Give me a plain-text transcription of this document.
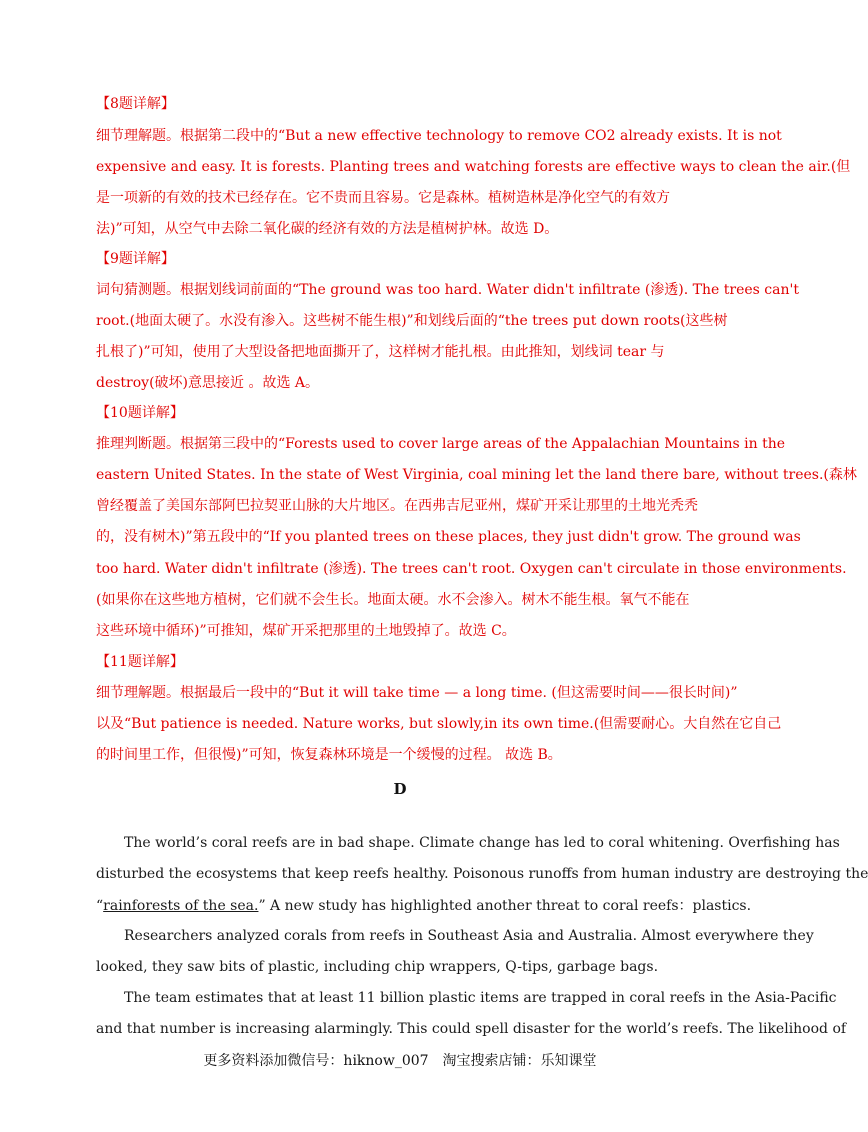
【8题详解】
细节理解题。根据第二段中的“But a new effective technology to remove CO2 already exists. It is not
expensive and easy. It is forests. Planting trees and watching forests are effective ways to clean the air.(但
是一项新的有效的技术已经存在。它不贵而且容易。它是森林。植树造林是净化空气的有效方
法)”可知，从空气中去除二氧化碳的经济有效的方法是植树护林。故选 D。
【9题详解】
词句猜测题。根据划线词前面的“The ground was too hard. Water didn't infiltrate (渗透). The trees can't
root.(地面太硬了。水没有渗入。这些树不能生根)”和划线后面的“the trees put down roots(这些树
扎根了)”可知，使用了大型设备把地面撕开了，这样树才能扎根。由此推知，划线词 tear 与
destroy(破坏)意思接近 。故选 A。
【10题详解】
推理判断题。根据第三段中的“Forests used to cover large areas of the Appalachian Mountains in the
eastern United States. In the state of West Virginia, coal mining let the land there bare, without trees.(森林
曾经覆盖了美国东部阿巴拉契亚山脉的大片地区。在西弗吉尼亚州，煤矿开采让那里的土地光秃秃
的，没有树木)”第五段中的“If you planted trees on these places, they just didn't grow. The ground was
too hard. Water didn't infiltrate (渗透). The trees can't root. Oxygen can't circulate in those environments.
(如果你在这些地方植树，它们就不会生长。地面太硬。水不会渗入。树木不能生根。氧气不能在
这些环境中循环)”可推知，煤矿开采把那里的土地毁掉了。故选 C。
【11题详解】
细节理解题。根据最后一段中的“But it will take time — a long time. (但这需要时间——很长时间)”
以及“But patience is needed. Nature works, but slowly,in its own time.(但需要耐心。大自然在它自己
的时间里工作，但很慢)”可知，恢复森林环境是一个缓慢的过程。 故选 B。
D
The world’s coral reefs are in bad shape. Climate change has led to coral whitening. Overfishing has
disturbed the ecosystems that keep reefs healthy. Poisonous runoffs from human industry are destroying the
“rainforests of the sea.” A new study has highlighted another threat to coral reefs：plastics.
Researchers analyzed corals from reefs in Southeast Asia and Australia. Almost everywhere they
looked, they saw bits of plastic, including chip wrappers, Q-tips, garbage bags.
The team estimates that at least 11 billion plastic items are trapped in coral reefs in the Asia-Pacific
and that number is increasing alarmingly. This could spell disaster for the world’s reefs. The likelihood of
更多资料添加微信号：hiknow_007　淘宝搜索店铺：乐知课堂
